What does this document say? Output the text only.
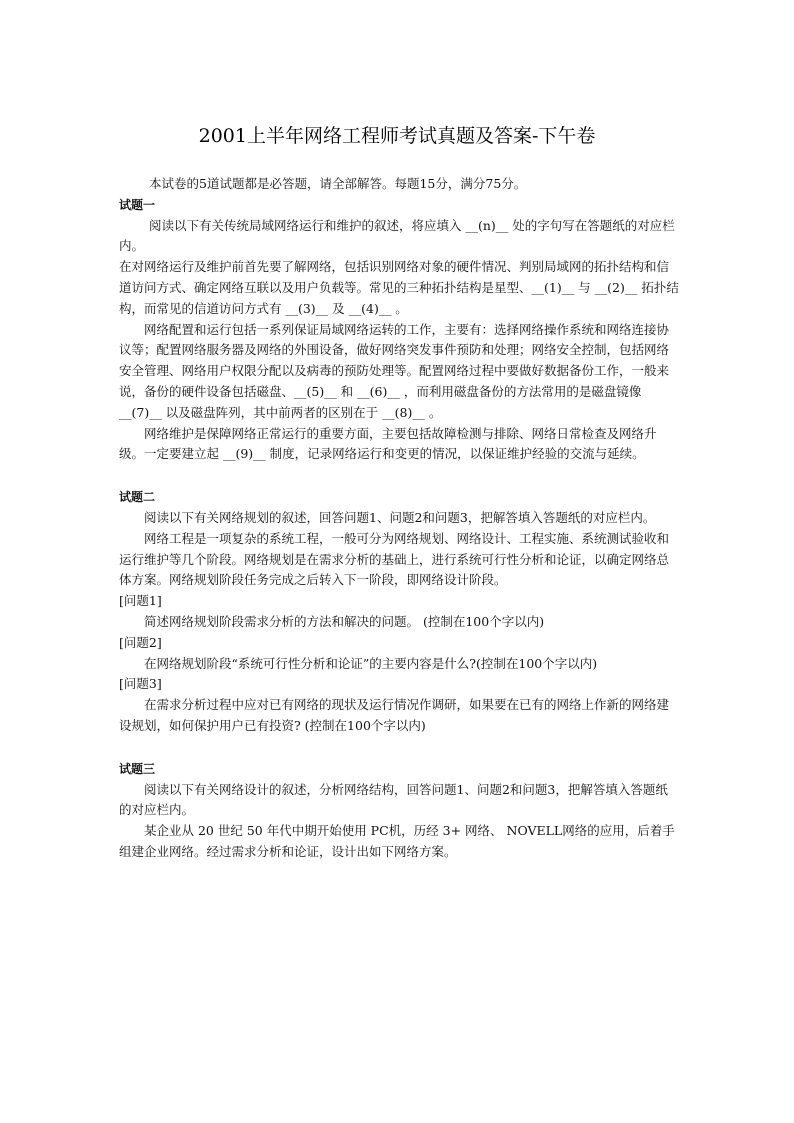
2001上半年网络工程师考试真题及答案-下午卷

本试卷的5道试题都是必答题，请全部解答。每题15分，满分75分。

试题一

阅读以下有关传统局域网络运行和维护的叙述，将应填入 __(n)__ 处的字句写在答题纸的对应栏内。

在对网络运行及维护前首先要了解网络，包括识别网络对象的硬件情况、判别局域网的拓扑结构和信道访问方式、确定网络互联以及用户负载等。常见的三种拓扑结构是星型、__(1)__ 与 __(2)__ 拓扑结构，而常见的信道访问方式有 __(3)__ 及 __(4)__ 。

网络配置和运行包括一系列保证局域网络运转的工作，主要有：选择网络操作系统和网络连接协议等；配置网络服务器及网络的外围设备，做好网络突发事件预防和处理；网络安全控制，包括网络安全管理、网络用户权限分配以及病毒的预防处理等。配置网络过程中要做好数据备份工作，一般来说，备份的硬件设备包括磁盘、__(5)__ 和 __(6)__ ，而利用磁盘备份的方法常用的是磁盘镜像 __(7)__ 以及磁盘阵列，其中前两者的区别在于 __(8)__ 。

网络维护是保障网络正常运行的重要方面，主要包括故障检测与排除、网络日常检查及网络升级。一定要建立起 __(9)__ 制度，记录网络运行和变更的情况，以保证维护经验的交流与延续。

试题二

阅读以下有关网络规划的叙述，回答问题1、问题2和问题3，把解答填入答题纸的对应栏内。

网络工程是一项复杂的系统工程，一般可分为网络规划、网络设计、工程实施、系统测试验收和运行维护等几个阶段。网络规划是在需求分析的基础上，进行系统可行性分析和论证，以确定网络总体方案。网络规划阶段任务完成之后转入下一阶段，即网络设计阶段。

[问题1]

简述网络规划阶段需求分析的方法和解决的问题。 (控制在100个字以内)

[问题2]

在网络规划阶段“系统可行性分析和论证”的主要内容是什么?(控制在100个字以内)

[问题3]

在需求分析过程中应对已有网络的现状及运行情况作调研，如果要在已有的网络上作新的网络建设规划，如何保护用户已有投资? (控制在100个字以内)

试题三

阅读以下有关网络设计的叙述，分析网络结构，回答问题1、问题2和问题3，把解答填入答题纸的对应栏内。

某企业从 20 世纪 50 年代中期开始使用 PC机，历经 3+ 网络、 NOVELL网络的应用，后着手组建企业网络。经过需求分析和论证，设计出如下网络方案。
